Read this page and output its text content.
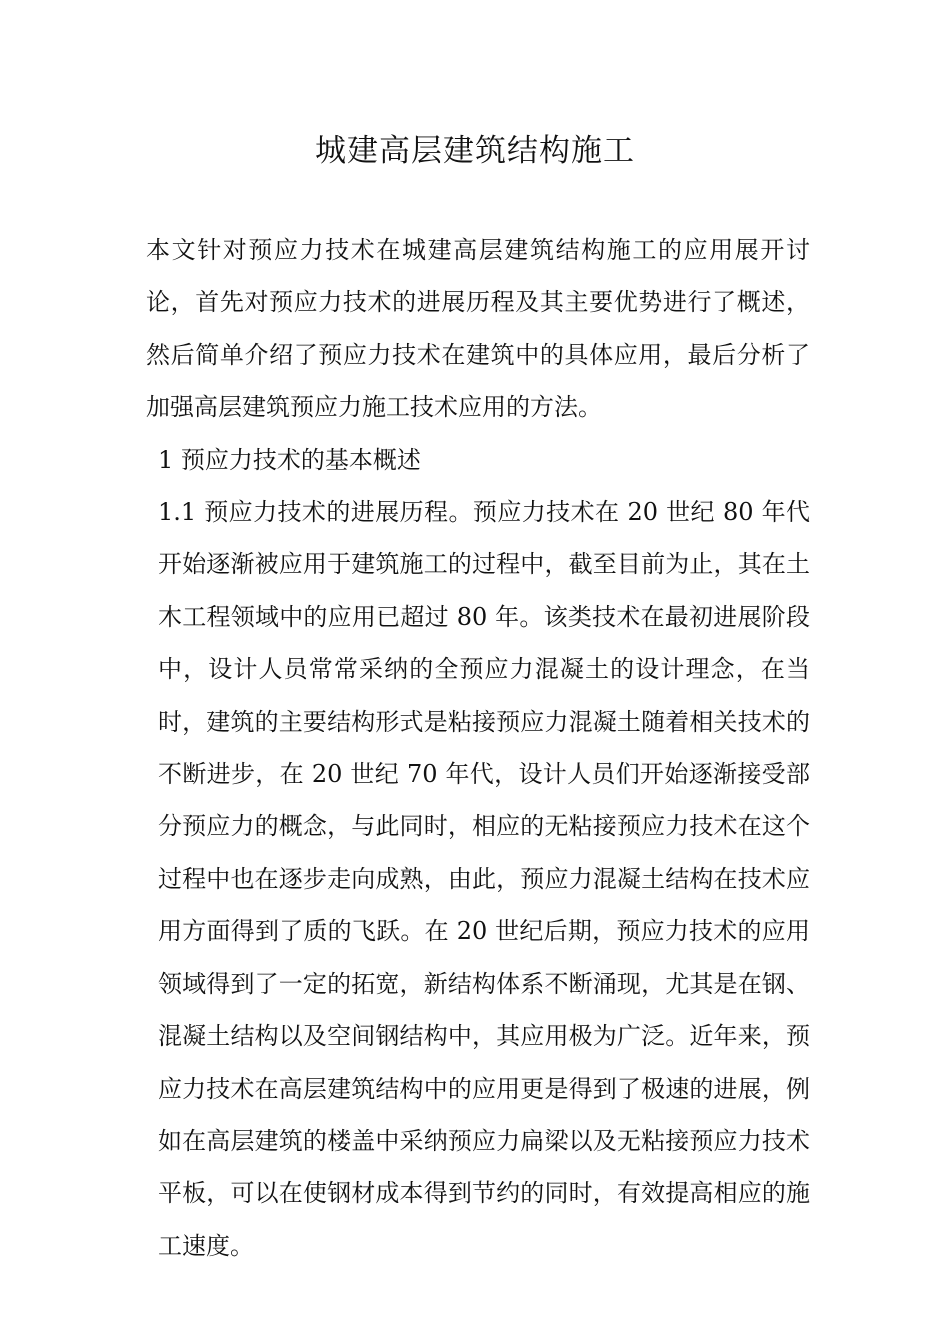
城建高层建筑结构施工

本文针对预应力技术在城建高层建筑结构施工的应用展开讨论，首先对预应力技术的进展历程及其主要优势进行了概述，然后简单介绍了预应力技术在建筑中的具体应用，最后分析了加强高层建筑预应力施工技术应用的方法。

1 预应力技术的基本概述

1.1 预应力技术的进展历程。预应力技术在 20 世纪 80 年代开始逐渐被应用于建筑施工的过程中，截至目前为止，其在土木工程领域中的应用已超过 80 年。该类技术在最初进展阶段中，设计人员常常采纳的全预应力混凝土的设计理念，在当时，建筑的主要结构形式是粘接预应力混凝土随着相关技术的不断进步，在 20 世纪 70 年代，设计人员们开始逐渐接受部分预应力的概念，与此同时，相应的无粘接预应力技术在这个过程中也在逐步走向成熟，由此，预应力混凝土结构在技术应用方面得到了质的飞跃。在 20 世纪后期，预应力技术的应用领域得到了一定的拓宽，新结构体系不断涌现，尤其是在钢、混凝土结构以及空间钢结构中，其应用极为广泛。近年来，预应力技术在高层建筑结构中的应用更是得到了极速的进展，例如在高层建筑的楼盖中采纳预应力扁梁以及无粘接预应力技术平板，可以在使钢材成本得到节约的同时，有效提高相应的施工速度。
